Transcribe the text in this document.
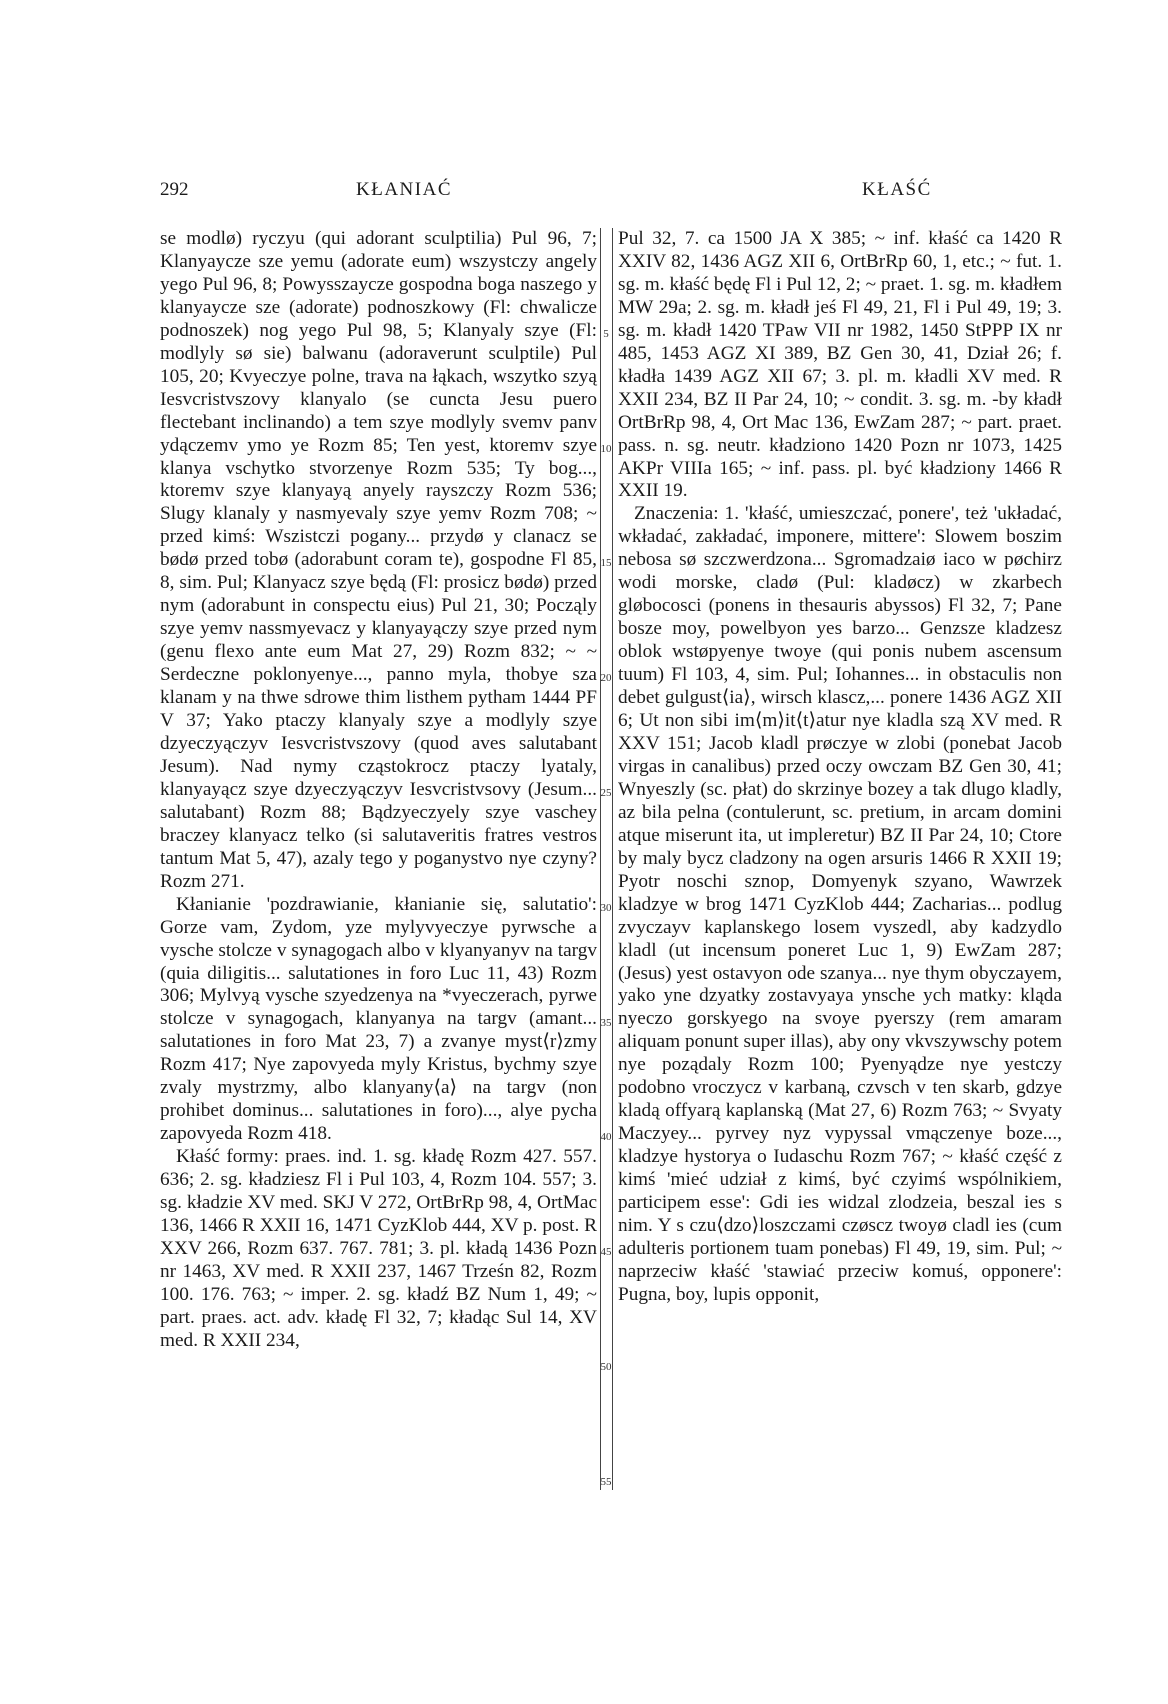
292	KŁANIAĆ	KŁAŚĆ

se modlø) ryczyu (qui adorant sculptilia) Pul 96, 7; Klanyaycze sze yemu (adorate eum) wszystczy angely yego Pul 96, 8; Powysszaycze gospodna boga naszego y klanyaycze sze (adorate) podnoszkowy (Fl: chwalicze podnoszek) nog yego Pul 98, 5; Klanyaly szye (Fl: modlyly sø sie) balwanu (adoraverunt sculptile) Pul 105, 20; Kvyeczye polne, trava na łąkach, wszytko szyą Iesvcristvszovy klanyalo (se cuncta Jesu puero flectebant inclinando) a tem szye modlyly svemv panv ydączemv ymo ye Rozm 85; Ten yest, ktoremv szye klanya vschytko stvorzenye Rozm 535; Ty bog..., ktoremv szye klanyayą anyely rayszczy Rozm 536; Slugy klanaly y nasmyevaly szye yemv Rozm 708; ~ przed kimś: Wszistczi pogany... przydø y clanacz se bødø przed tobø (adorabunt coram te), gospodne Fl 85, 8, sim. Pul; Klanyacz szye będą (Fl: prosicz bødø) przed nym (adorabunt in conspectu eius) Pul 21, 30; Począly szye yemv nassmyevacz y klanyayączy szye przed nym (genu flexo ante eum Mat 27, 29) Rozm 832; ~ ~ Serdeczne poklonyenye..., panno myla, thobye sza klanam y na thwe sdrowe thim listhem pytham 1444 PF V 37; Yako ptaczy klanyaly szye a modlyly szye dzyeczyączyv Iesvcristvszovy (quod aves salutabant Jesum). Nad nymy cząstokrocz ptaczy lyataly, klanyayącz szye dzyeczyączyv Iesvcristvsovy (Jesum... salutabant) Rozm 88; Bądzyeczyely szye vaschey braczey klanyacz telko (si salutaveritis fratres vestros tantum Mat 5, 47), azaly tego y poganystvo nye czyny? Rozm 271.

Kłanianie 'pozdrawianie, kłanianie się, salutatio': Gorze vam, Zydom, yze mylyvyeczye pyrwsche a vysche stolcze v synagogach albo v klyanyanyv na targv (quia diligitis... salutationes in foro Luc 11, 43) Rozm 306; Mylvyą vysche szyedzenya na *vyeczerach, pyrwe stolcze v synagogach, klanyanya na targv (amant... salutationes in foro Mat 23, 7) a zvanye myst⟨r⟩zmy Rozm 417; Nye zapovyeda myly Kristus, bychmy szye zvaly mystrzmy, albo klanyany⟨a⟩ na targv (non prohibet dominus... salutationes in foro)..., alye pycha zapovyeda Rozm 418.

Kłaść formy: praes. ind. 1. sg. kładę Rozm 427. 557. 636; 2. sg. kładziesz Fl i Pul 103, 4, Rozm 104. 557; 3. sg. kładzie XV med. SKJ V 272, OrtBrRp 98, 4, OrtMac 136, 1466 R XXII 16, 1471 CyzKlob 444, XV p. post. R XXV 266, Rozm 637. 767. 781; 3. pl. kładą 1436 Pozn nr 1463, XV med. R XXII 237, 1467 Trześn 82, Rozm 100. 176. 763; ~ imper. 2. sg. kładź BZ Num 1, 49; ~ part. praes. act. adv. kładę Fl 32, 7; kładąc Sul 14, XV med. R XXII 234,

5
10
15
20
25
30
35
40
45
50
55

Pul 32, 7. ca 1500 JA X 385; ~ inf. kłaść ca 1420 R XXIV 82, 1436 AGZ XII 6, OrtBrRp 60, 1, etc.; ~ fut. 1. sg. m. kłaść będę Fl i Pul 12, 2; ~ praet. 1. sg. m. kładłem MW 29a; 2. sg. m. kładł jeś Fl 49, 21, Fl i Pul 49, 19; 3. sg. m. kładł 1420 TPaw VII nr 1982, 1450 StPPP IX nr 485, 1453 AGZ XI 389, BZ Gen 30, 41, Dział 26; f. kładła 1439 AGZ XII 67; 3. pl. m. kładli XV med. R XXII 234, BZ II Par 24, 10; ~ condit. 3. sg. m. -by kładł OrtBrRp 98, 4, Ort Mac 136, EwZam 287; ~ part. praet. pass. n. sg. neutr. kładziono 1420 Pozn nr 1073, 1425 AKPr VIIIa 165; ~ inf. pass. pl. być kładziony 1466 R XXII 19.

Znaczenia: 1. 'kłaść, umieszczać, ponere', też 'układać, wkładać, zakładać, imponere, mittere': Slowem boszim nebosa sø szczwerdzona... Sgromadzaiø iaco w pøchirz wodi morske, cladø (Pul: kladøcz) w zkarbech gløbocosci (ponens in thesauris abyssos) Fl 32, 7; Pane bosze moy, powelbyon yes barzo... Genzsze kladzesz oblok wstøpyenye twoye (qui ponis nubem ascensum tuum) Fl 103, 4, sim. Pul; Iohannes... in obstaculis non debet gulgust⟨ia⟩, wirsch klascz,... ponere 1436 AGZ XII 6; Ut non sibi im⟨m⟩it⟨t⟩atur nye kladla szą XV med. R XXV 151; Jacob kladl prøczye w zlobi (ponebat Jacob virgas in canalibus) przed oczy owczam BZ Gen 30, 41; Wnyeszly (sc. płat) do skrzinye bozey a tak dlugo kladly, az bila pelna (contulerunt, sc. pretium, in arcam domini atque miserunt ita, ut impleretur) BZ II Par 24, 10; Ctore by maly bycz cladzony na ogen arsuris 1466 R XXII 19; Pyotr noschi sznop, Domyenyk szyano, Wawrzek kladzye w brog 1471 CyzKlob 444; Zacharias... podlug zvyczayv kaplanskego losem vyszedl, aby kadzydlo kladl (ut incensum poneret Luc 1, 9) EwZam 287; (Jesus) yest ostavyon ode szanya... nye thym obyczayem, yako yne dzyatky zostavyaya ynsche ych matky: kląda nyeczo gorskyego na svoye pyerszy (rem amaram aliquam ponunt super illas), aby ony vkvszywschy potem nye poządaly Rozm 100; Pyenyądze nye yestczy podobno vroczycz v karbaną, czvsch v ten skarb, gdzye kladą offyarą kaplanską (Mat 27, 6) Rozm 763; ~ Svyaty Maczyey... pyrvey nyz vypyssal vmączenye boze..., kladzye hystorya o Iudaschu Rozm 767; ~ kłaść część z kimś 'mieć udział z kimś, być czyimś wspólnikiem, participem esse': Gdi ies widzal zlodzeia, beszal ies s nim. Y s czu⟨dzo⟩loszczami czøscz twoyø cladl ies (cum adulteris portionem tuam ponebas) Fl 49, 19, sim. Pul; ~ naprzeciw kłaść 'stawiać przeciw komuś, opponere': Pugna, boy, lupis opponit,
